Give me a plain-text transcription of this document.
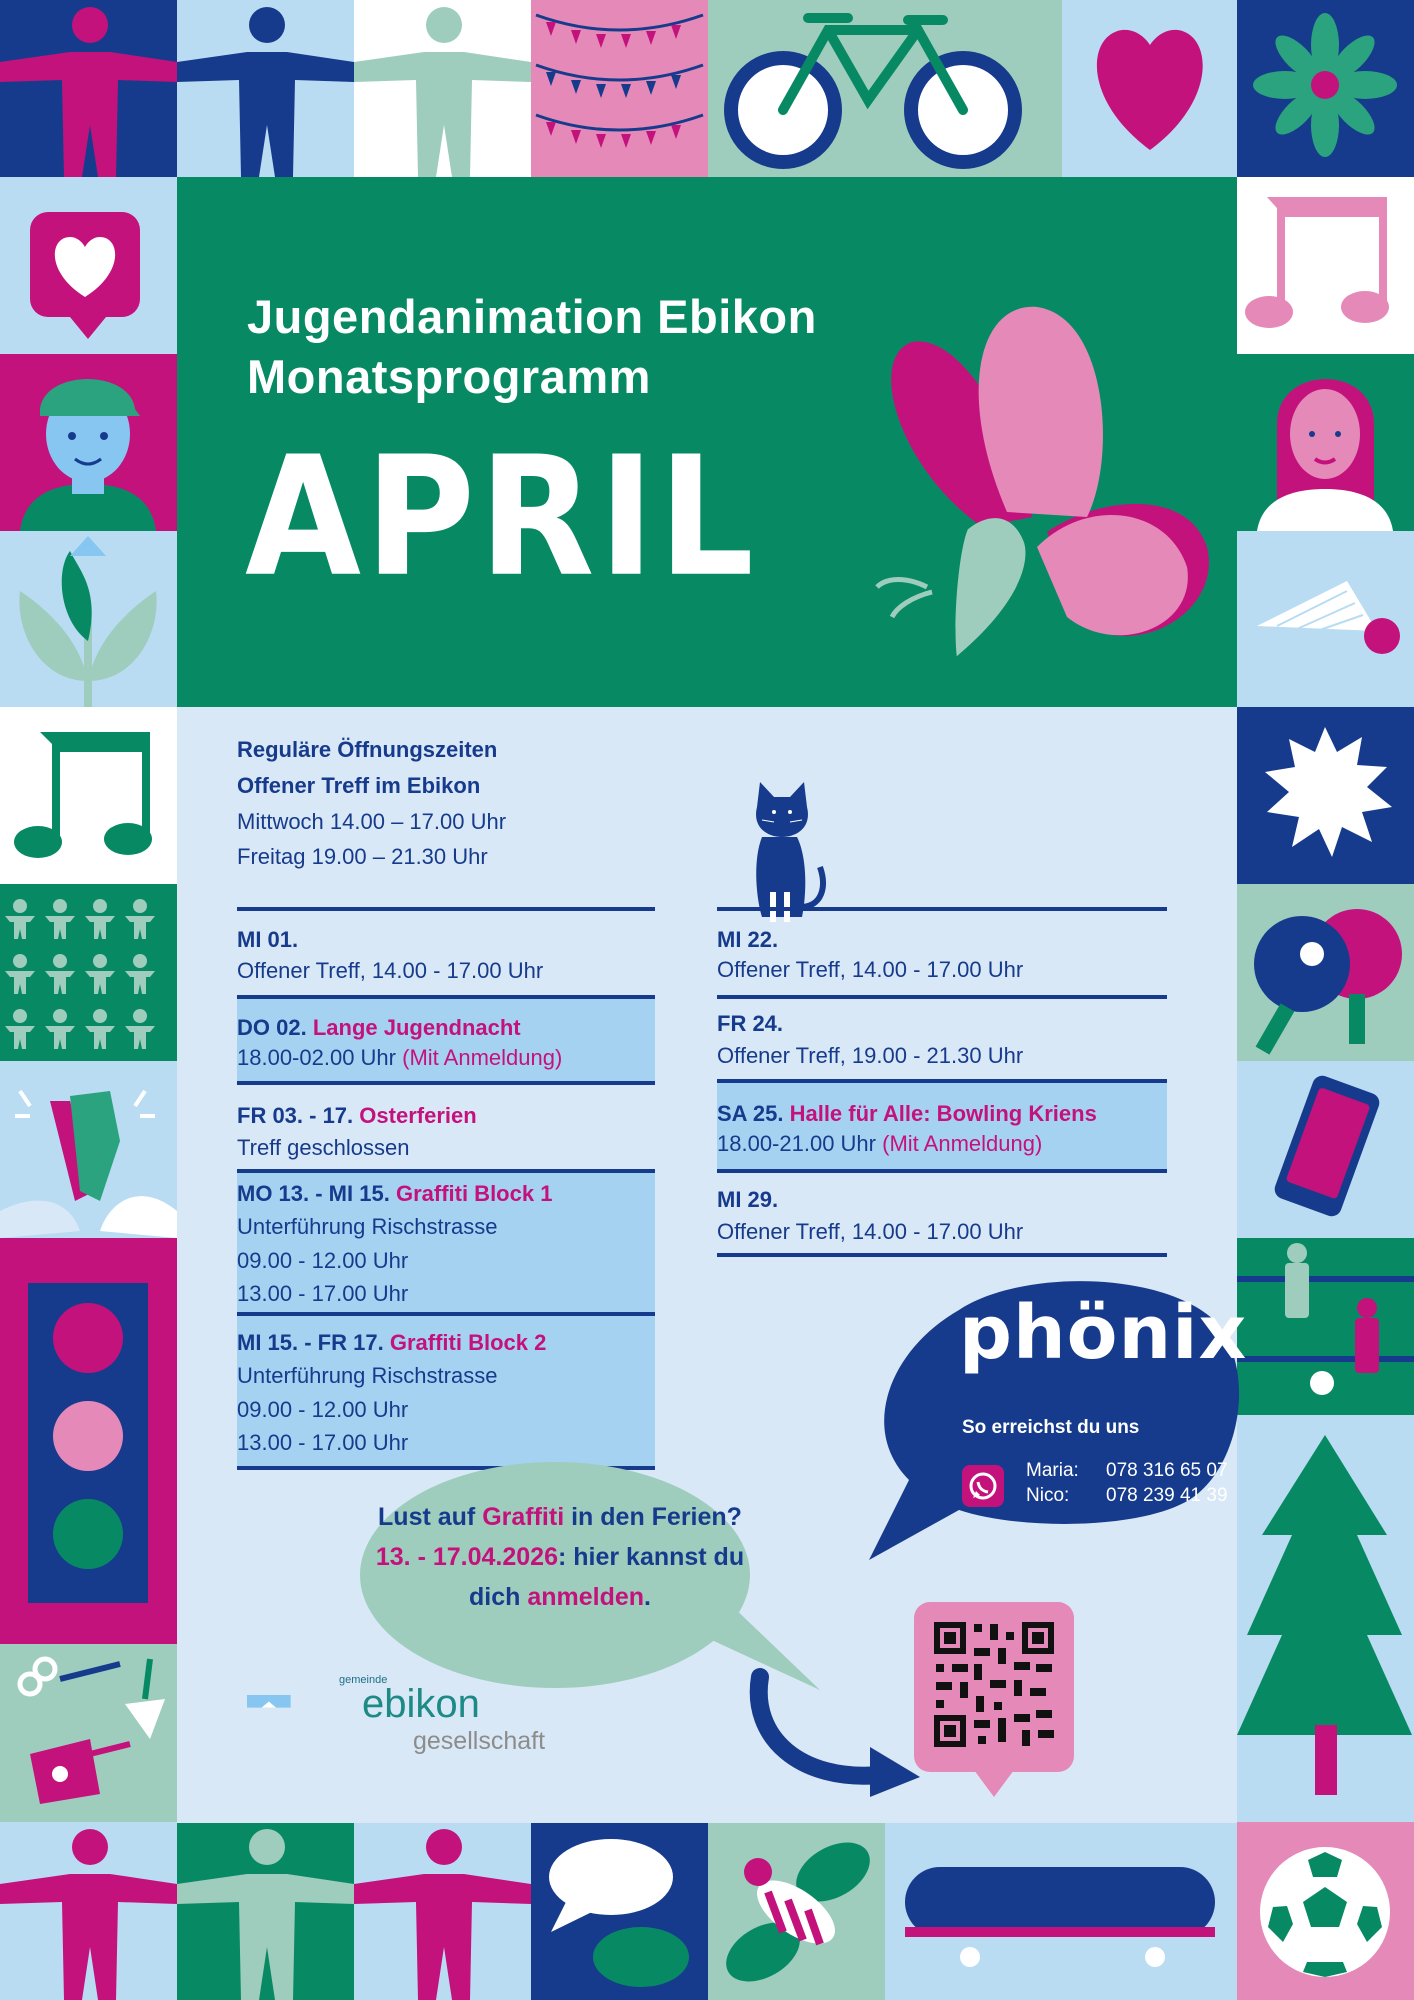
Jugendanimation Ebikon
Monatsprogramm
APRIL
Reguläre Öffnungszeiten
Offener Treff im Ebikon
Mittwoch 14.00 – 17.00 Uhr
Freitag 19.00 – 21.30 Uhr
MI 01.
Offener Treff, 14.00 - 17.00 Uhr
DO 02. Lange Jugendnacht
18.00-02.00 Uhr (Mit Anmeldung)
FR 03. - 17. Osterferien
Treff geschlossen
MO 13. - MI 15. Graffiti Block 1
Unterführung Rischstrasse
09.00 - 12.00 Uhr
13.00 - 17.00 Uhr
MI 15. - FR 17. Graffiti Block 2
Unterführung Rischstrasse
09.00 - 12.00 Uhr
13.00 - 17.00 Uhr
MI 22.
Offener Treff, 14.00 - 17.00 Uhr
FR 24.
Offener Treff, 19.00 - 21.30 Uhr
SA 25. Halle für Alle: Bowling Kriens
18.00-21.00 Uhr (Mit Anmeldung)
MI 29.
Offener Treff, 14.00 - 17.00 Uhr
Lust auf Graffiti in den Ferien? 13. - 17.04.2026: hier kannst du dich anmelden.
phönix
So erreichst du uns
Maria: 078 316 65 07
Nico: 078 239 41 39
gemeinde
ebikon
gesellschaft
